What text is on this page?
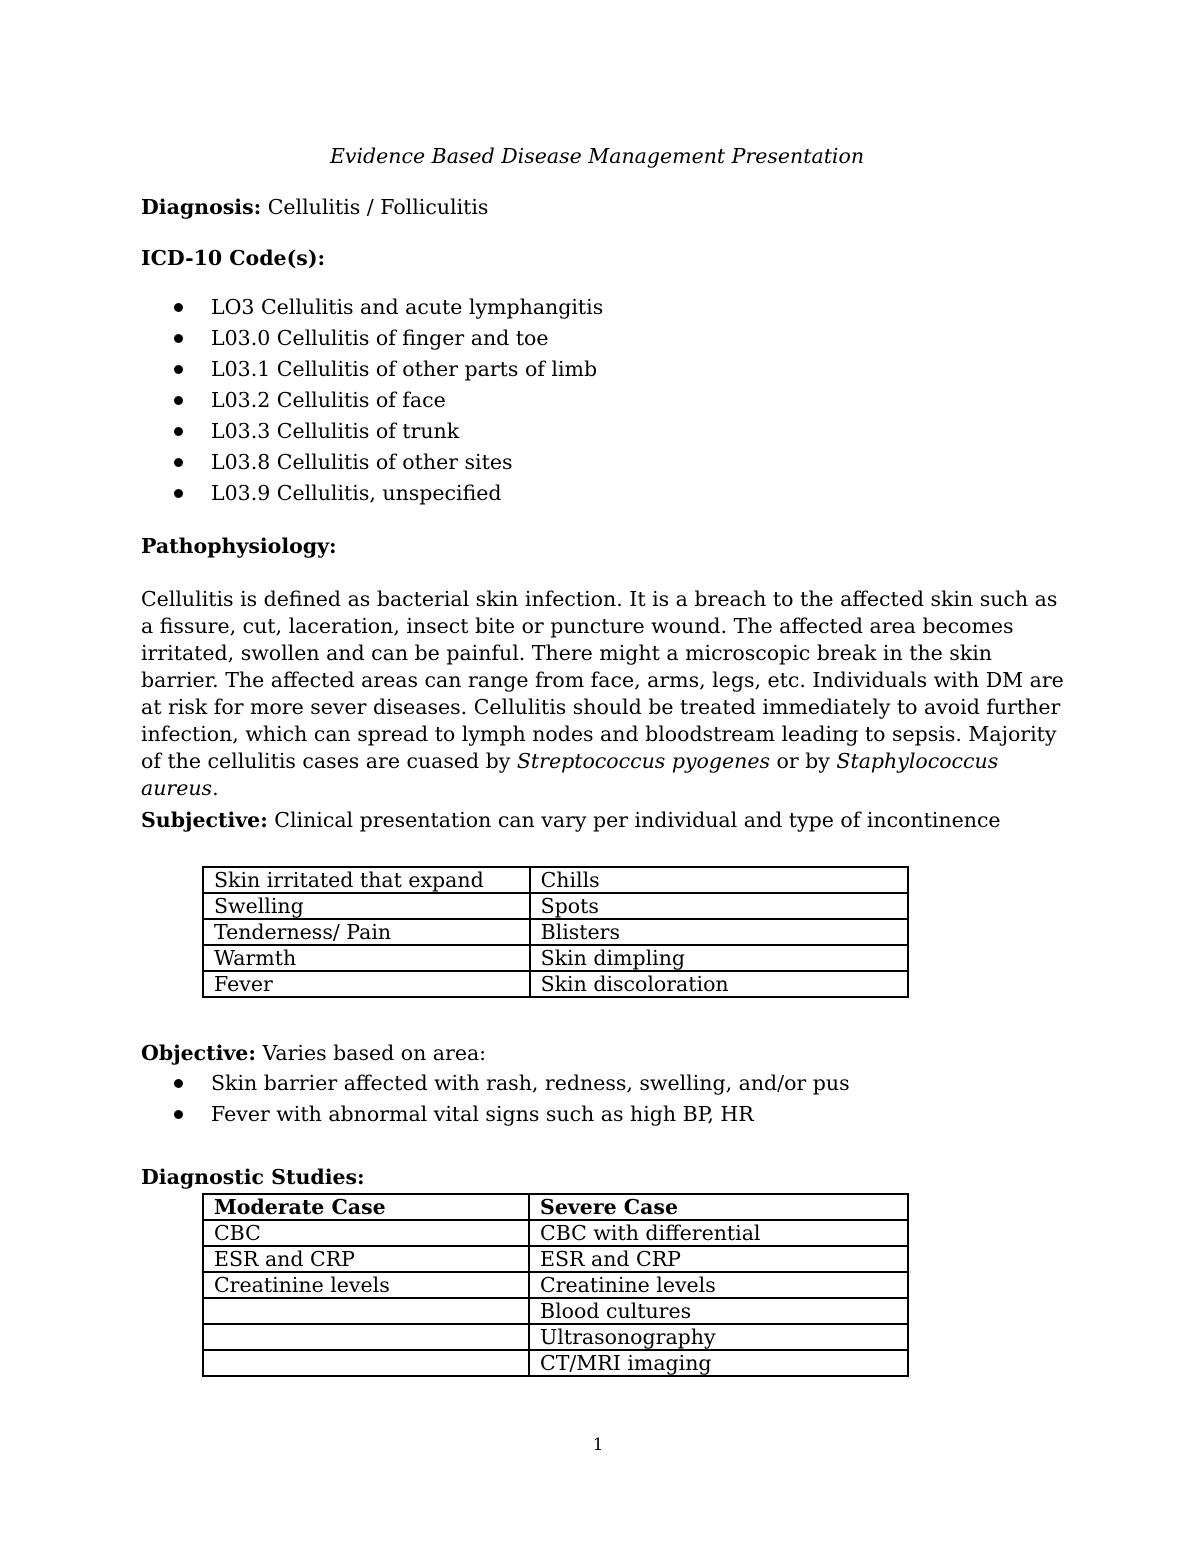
Evidence Based Disease Management Presentation
Diagnosis: Cellulitis / Folliculitis
ICD-10 Code(s):
LO3 Cellulitis and acute lymphangitis
L03.0 Cellulitis of finger and toe
L03.1 Cellulitis of other parts of limb
L03.2 Cellulitis of face
L03.3 Cellulitis of trunk
L03.8 Cellulitis of other sites
L03.9 Cellulitis, unspecified
Pathophysiology:

Cellulitis is defined as bacterial skin infection. It is a breach to the affected skin such as a fissure, cut, laceration, insect bite or puncture wound. The affected area becomes irritated, swollen and can be painful. There might a microscopic break in the skin barrier. The affected areas can range from face, arms, legs, etc. Individuals with DM are at risk for more sever diseases. Cellulitis should be treated immediately to avoid further infection, which can spread to lymph nodes and bloodstream leading to sepsis. Majority of the cellulitis cases are cuased by Streptococcus pyogenes or by Staphylococcus aureus.

Subjective: Clinical presentation can vary per individual and type of incontinence
Skin irritated that expand	Chills
Swelling	Spots
Tenderness/ Pain	Blisters
Warmth	Skin dimpling
Fever	Skin discoloration
Objective: Varies based on area:
Skin barrier affected with rash, redness, swelling, and/or pus
Fever with abnormal vital signs such as high BP, HR
Diagnostic Studies:
Moderate Case	Severe Case
CBC	CBC with differential
ESR and CRP	ESR and CRP
Creatinine levels	Creatinine levels
	Blood cultures
	Ultrasonography
	CT/MRI imaging
1
